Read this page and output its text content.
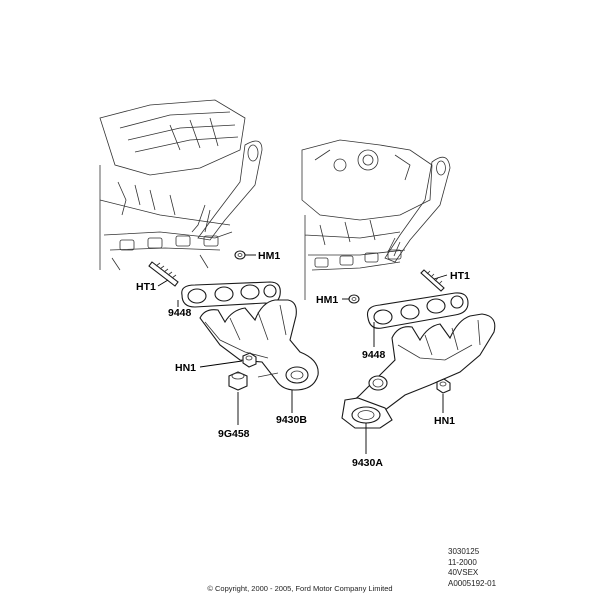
HM1
HT1
9448
HN1
9G458
9430B
HT1
HM1
9448
HN1
9430A
3030125
11-2000
40VSEX
A0005192-01
© Copyright, 2000 - 2005, Ford Motor Company Limited
